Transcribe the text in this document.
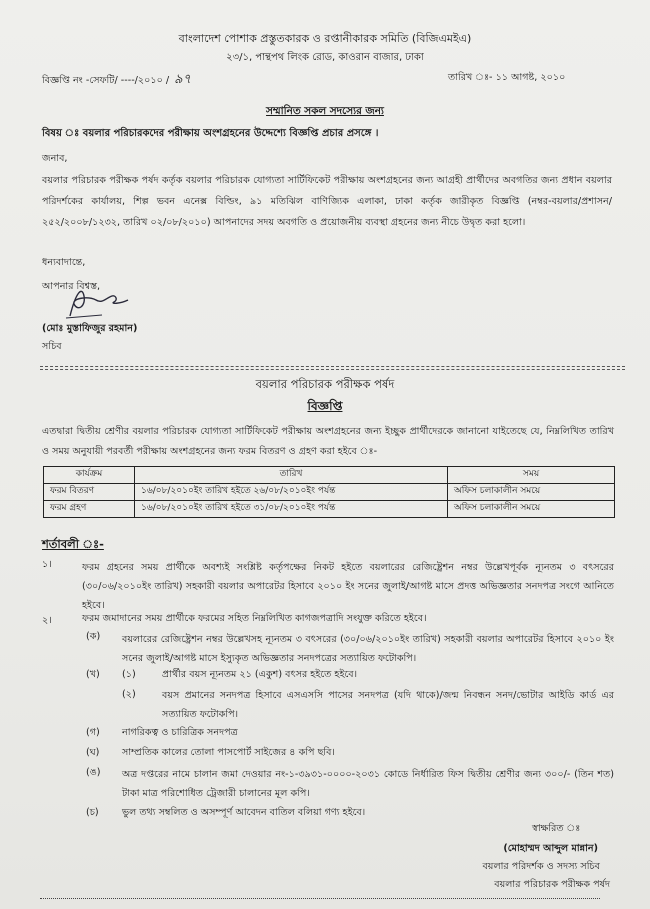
বাংলাদেশ পোশাক প্রস্তুতকারক ও রপ্তানীকারক সমিতি (বিজিএমইএ)
২৩/১, পান্থপথ লিংক রোড, কাওরান বাজার, ঢাকা
বিজ্ঞপ্তি নং -সেফটি/ ----/২০১০ / ৯৭	তারিখ ঃ- ১১ আগষ্ট, ২০১০
সম্মানিত সকল সদস্যের জন্য
বিষয় ঃ বয়লার পরিচারকদের পরীক্ষায় অংশগ্রহনের উদ্দেশ্যে বিজ্ঞপ্তি প্রচার প্রসঙ্গে ।
জনাব,
বয়লার পরিচারক পরীক্ষক পর্ষদ কর্তৃক বয়লার পরিচারক যোগ্যতা সার্টিফিকেট পরীক্ষায় অংশগ্রহনের জন্য আগ্রহী প্রার্থীদের অবগতির জন্য প্রধান বয়লার পরিদর্শকের কার্যালয়, শিল্প ভবন এনেক্স বিল্ডিং, ৯১ মতিঝিল বাণিজ্যিক এলাকা, ঢাকা কর্তৃক জারীকৃত বিজ্ঞপ্তি (নম্বর-বয়লার/প্রশাসন/২৫২/২০০৮/১২৩২, তারিখ ০২/০৮/২০১০) আপনাদের সদয় অবগতি ও প্রয়োজনীয় ব্যবস্থা গ্রহনের জন্য নীচে উদ্বৃত করা হলো।
ধন্যবাদান্তে,
আপনার বিশ্বস্ত,
(মোঃ মুস্তাফিজুর রহমান)
সচিব
বয়লার পরিচারক পরীক্ষক পর্ষদ
বিজ্ঞপ্তি
এতদ্বারা দ্বিতীয় শ্রেণীর বয়লার পরিচারক যোগ্যতা সার্টিফিকেট পরীক্ষায় অংশগ্রহনের জন্য ইচ্ছুক প্রার্থীদেরকে জানানো যাইতেছে যে, নিম্নলিখিত তারিখ ও সময় অনুযায়ী পরবর্তী পরীক্ষায় অংশগ্রহনের জন্য ফরম বিতরণ ও গ্রহণ করা হইবে ঃ-
কার্যক্রম	তারিখ	সময়
ফরম বিতরণ	১৬/০৮/২০১০ইং তারিখ হইতে ২৬/০৮/২০১০ইং পর্যন্ত	অফিস চলাকালীন সময়ে
ফরম গ্রহণ	১৬/০৮/২০১০ইং তারিখ হইতে ৩১/০৮/২০১০ইং পর্যন্ত	অফিস চলাকালীন সময়ে
শর্তাবলী ঃ-
১।	ফরম গ্রহনের সময় প্রার্থীকে অবশ্যই সংশ্লিষ্ট কর্তৃপক্ষের নিকট হইতে বয়লারের রেজিষ্ট্রেশন নম্বর উল্লেখপূর্বক ন্যূনতম ৩ বৎসরের (৩০/০৬/২০১০ইং তারিখ) সহকারী বয়লার অপারেটর হিসাবে ২০১০ ইং সনের জুলাই/আগষ্ট মাসে প্রদত্ত অভিজ্ঞতার সনদপত্র সংগে আনিতে হইবে।
২।	ফরম জমাদানের সময় প্রার্থীকে ফরমের সহিত নিম্নলিখিত কাগজপত্রাদি সংযুক্ত করিতে হইবে।
(ক) বয়লারের রেজিষ্ট্রেশন নম্বর উল্লেখসহ ন্যূনতম ৩ বৎসরের (৩০/০৬/২০১০ইং তারিখ) সহকারী বয়লার অপারেটর হিসাবে ২০১০ ইং সনের জুলাই/আগষ্ট মাসে ইস্যুকৃত অভিজ্ঞতার সনদপত্রের সত্যায়িত ফটোকপি।
(খ) (১)	প্রার্থীর বয়স ন্যূনতম ২১ (একুশ) বৎসর হইতে হইবে।
(২)	বয়স প্রমানের সনদপত্র হিসাবে এসএসসি পাসের সনদপত্র (যদি থাকে)/জন্ম নিবন্ধন সনদ/ভোটার আইডি কার্ড এর সত্যায়িত ফটোকপি।
(গ) নাগরিকত্ব ও চারিত্রিক সনদপত্র
(ঘ) সাম্প্রতিক কালের তোলা পাসপোর্ট সাইজের ৪ কপি ছবি।
(ঙ) অত্র দপ্তরের নামে চালান জমা দেওয়ার নং-১-৩৯৩১-০০০০-২০৩১ কোডে নির্ধারিত ফিস দ্বিতীয় শ্রেণীর জন্য ৩০০/- (তিন শত) টাকা মাত্র পরিশোধিত ট্রেজারী চালানের মূল কপি।
(চ) ভুল তথ্য সম্বলিত ও অসম্পূর্ণ আবেদন বাতিল বলিয়া গণ্য হইবে।
স্বাক্ষরিত ঃ
(মোহাম্মদ আব্দুল মান্নান)
বয়লার পরিদর্শক ও সদস্য সচিব
বয়লার পরিচারক পরীক্ষক পর্ষদ
